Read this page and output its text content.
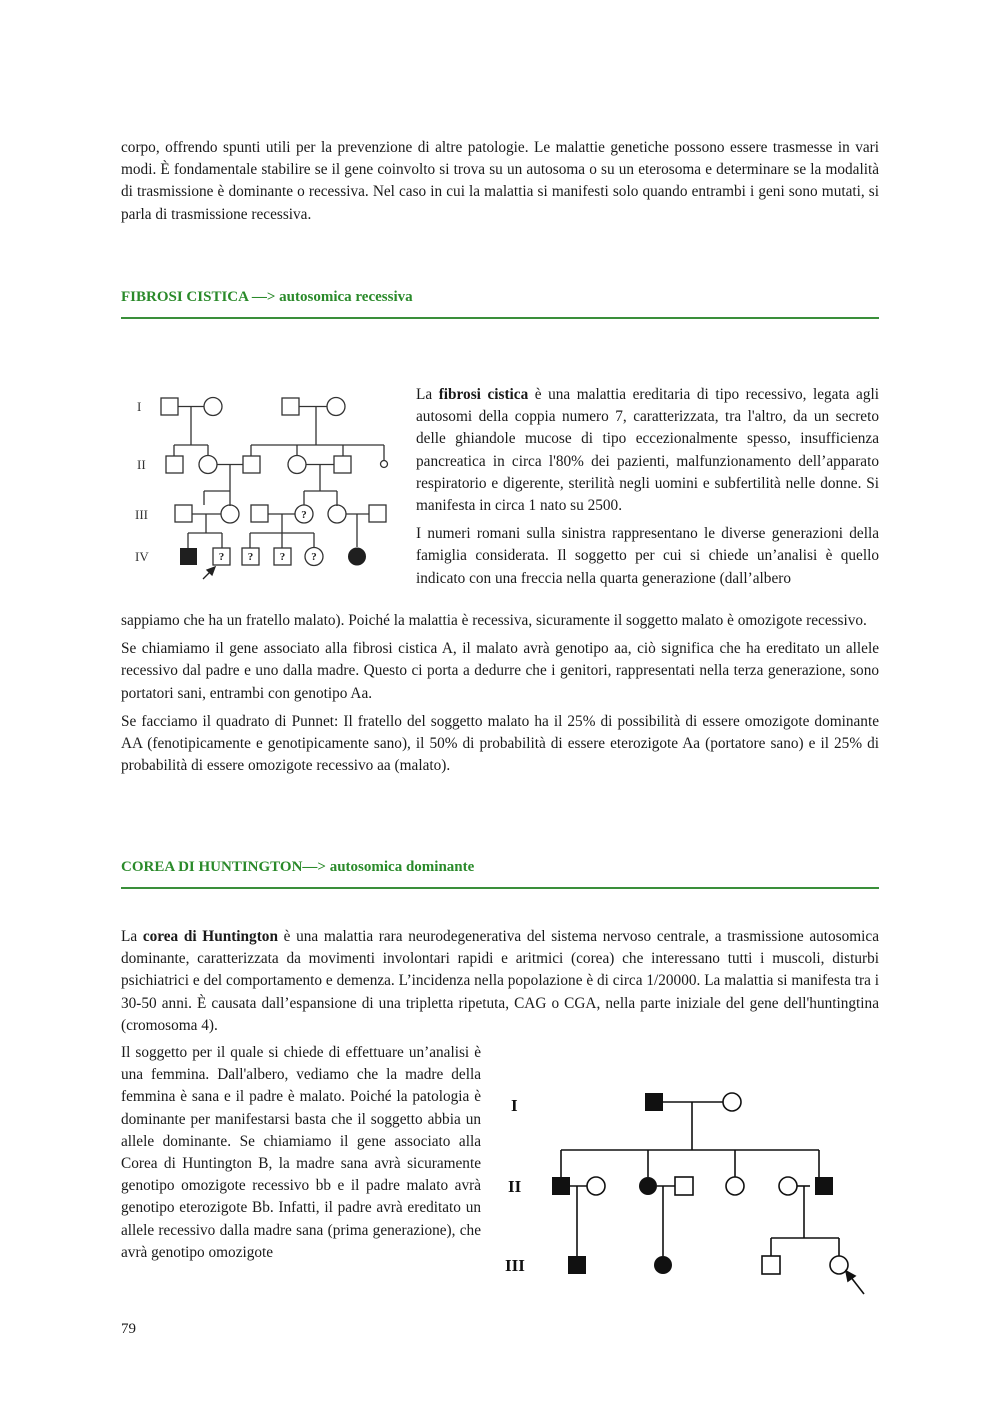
corpo, offrendo spunti utili per la prevenzione di altre patologie. Le malattie genetiche possono essere trasmesse in vari modi. È fondamentale stabilire se il gene coinvolto si trova su un autosoma o su un eterosoma e determinare se la modalità di trasmissione è dominante o recessiva. Nel caso in cui la malattia si manifesti solo quando entrambi i geni sono mutati, si parla di trasmissione recessiva.

FIBROSI CISTICA —> autosomica recessiva
I
II
III
IV
?
? ? ? ?

La fibrosi cistica è una malattia ereditaria di tipo recessivo, legata agli autosomi della coppia numero 7, caratterizzata, tra l'altro, da un secreto delle ghiandole mucose di tipo eccezionalmente spesso, insufficienza pancreatica in circa l'80% dei pazienti, malfunzionamento dell’apparato respiratorio e digerente, sterilità negli uomini e subfertilità nelle donne. Si manifesta in circa 1 nato su 2500.

I numeri romani sulla sinistra rappresentano le diverse generazioni della famiglia considerata. Il soggetto per cui si chiede un’analisi è quello indicato con una freccia nella quarta generazione (dall’albero

sappiamo che ha un fratello malato). Poiché la malattia è recessiva, sicuramente il soggetto malato è omozigote recessivo.

Se chiamiamo il gene associato alla fibrosi cistica A, il malato avrà genotipo aa, ciò significa che ha ereditato un allele recessivo dal padre e uno dalla madre. Questo ci porta a dedurre che i genitori, rappresentati nella terza generazione, sono portatori sani, entrambi con genotipo Aa.

Se facciamo il quadrato di Punnet: Il fratello del soggetto malato ha il 25% di possibilità di essere omozigote dominante AA (fenotipicamente e genotipicamente sano), il 50% di probabilità di essere eterozigote Aa (portatore sano) e il 25% di probabilità di essere omozigote recessivo aa (malato).

COREA DI HUNTINGTON—> autosomica dominante

La corea di Huntington è una malattia rara neurodegenerativa del sistema nervoso centrale, a trasmissione autosomica dominante, caratterizzata da movimenti involontari rapidi e aritmici (corea) che interessano tutti i muscoli, disturbi psichiatrici e del comportamento e demenza. L’incidenza nella popolazione è di circa 1/20000. La malattia si manifesta tra i 30-50 anni. È causata dall’espansione di una tripletta ripetuta, CAG o CGA, nella parte iniziale del gene dell'huntingtina (cromosoma 4).

Il soggetto per il quale si chiede di effettuare un’analisi è una femmina. Dall'albero, vediamo che la madre della femmina è sana e il padre è malato. Poiché la patologia è dominante per manifestarsi basta che il soggetto abbia un allele dominante. Se chiamiamo il gene associato alla Corea di Huntington B, la madre sana avrà sicuramente genotipo omozigote recessivo bb e il padre malato avrà genotipo eterozigote Bb. Infatti, il padre avrà ereditato un allele recessivo dalla madre sana (prima generazione), che avrà genotipo omozigote

I
II
III
79
